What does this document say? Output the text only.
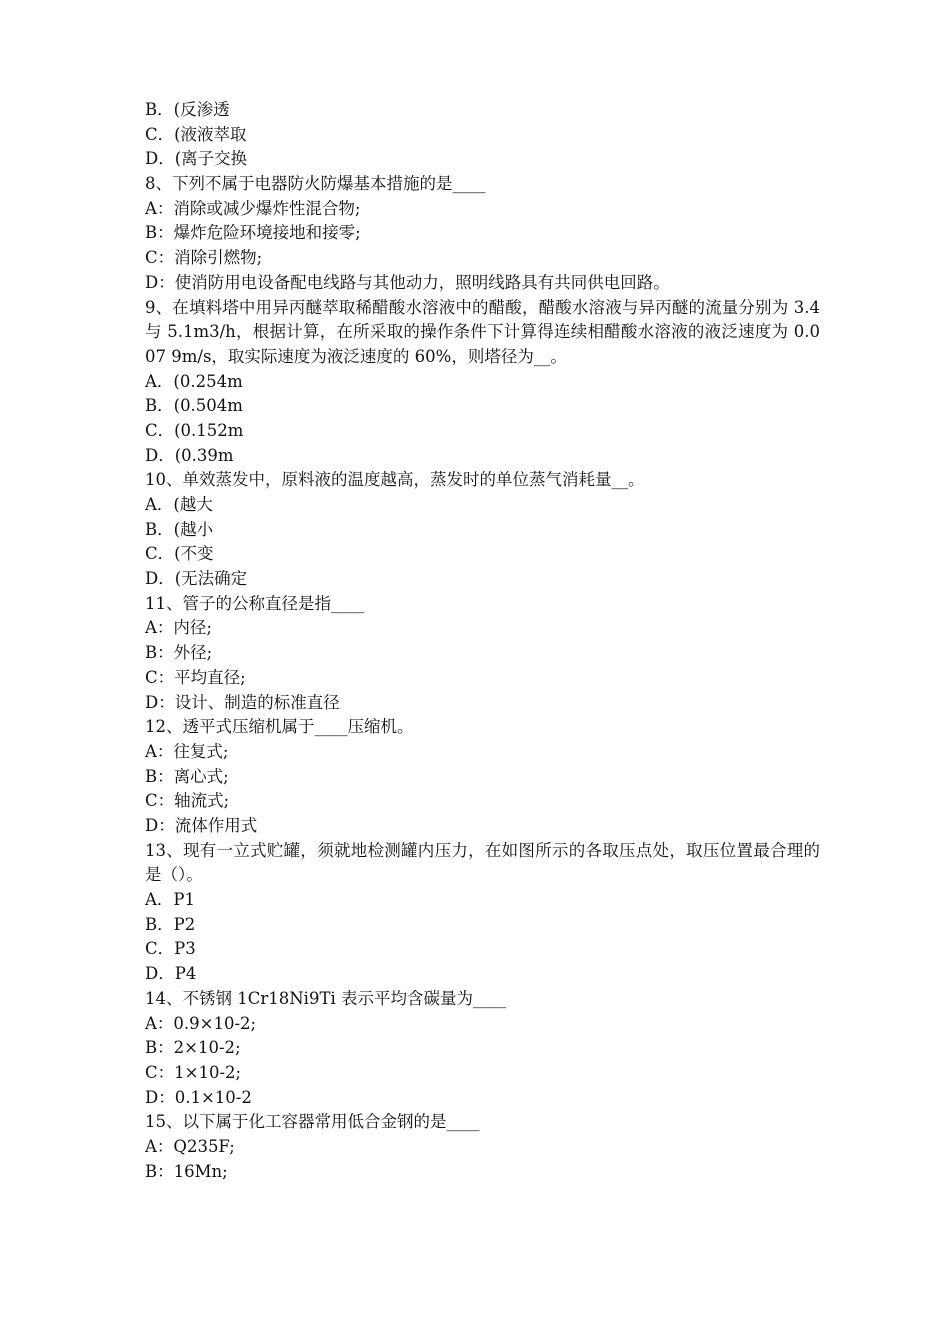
B．(反渗透
C．(液液萃取
D．(离子交换
8、下列不属于电器防火防爆基本措施的是____
A：消除或减少爆炸性混合物;
B：爆炸危险环境接地和接零;
C：消除引燃物;
D：使消防用电设备配电线路与其他动力，照明线路具有共同供电回路。
9、在填料塔中用异丙醚萃取稀醋酸水溶液中的醋酸，醋酸水溶液与异丙醚的流量分别为 3.4 与 5.1m3/h，根据计算，在所采取的操作条件下计算得连续相醋酸水溶液的液泛速度为 0.007 9m/s，取实际速度为液泛速度的 60%，则塔径为__。
A．(0.254m
B．(0.504m
C．(0.152m
D．(0.39m
10、单效蒸发中，原料液的温度越高，蒸发时的单位蒸气消耗量__。
A．(越大
B．(越小
C．(不变
D．(无法确定
11、管子的公称直径是指____
A：内径;
B：外径;
C：平均直径;
D：设计、制造的标准直径
12、透平式压缩机属于____压缩机。
A：往复式;
B：离心式;
C：轴流式;
D：流体作用式
13、现有一立式贮罐，须就地检测罐内压力，在如图所示的各取压点处，取压位置最合理的是（）。
A．P1
B．P2
C．P3
D．P4
14、不锈钢 1Cr18Ni9Ti 表示平均含碳量为____
A：0.9×10-2;
B：2×10-2;
C：1×10-2;
D：0.1×10-2
15、以下属于化工容器常用低合金钢的是____
A：Q235F;
B：16Mn;
